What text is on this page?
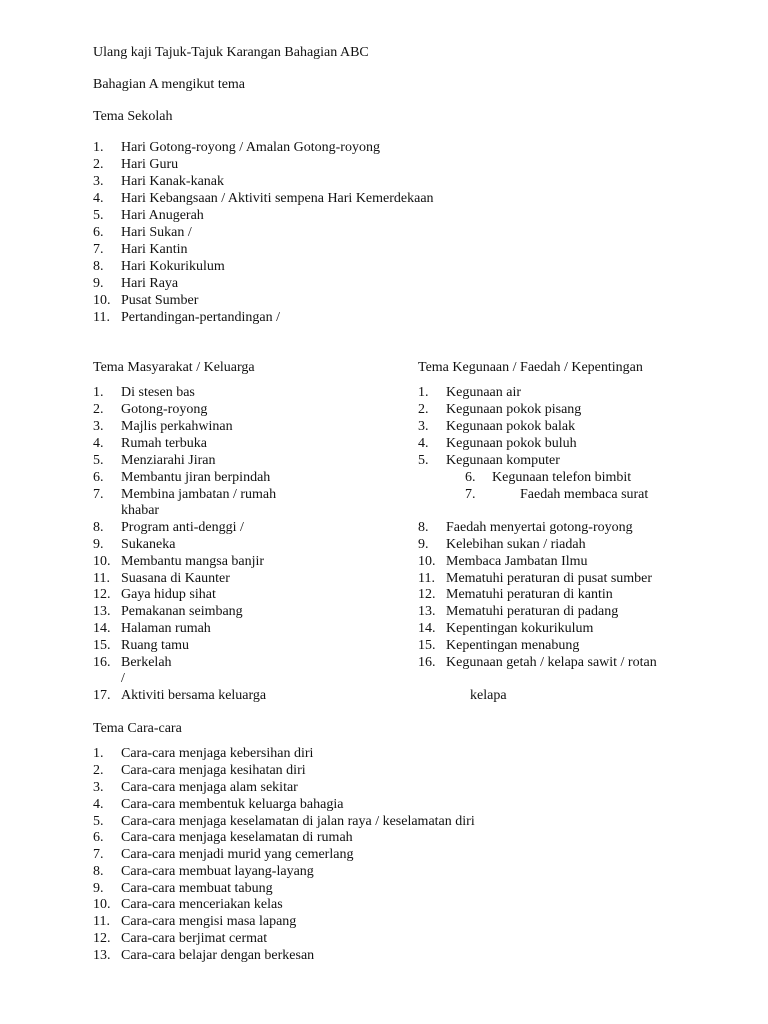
Ulang kaji Tajuk-Tajuk Karangan Bahagian ABC
Bahagian A mengikut tema
Tema Sekolah
Tema Masyarakat / Keluarga	Tema Kegunaan / Faedah / Kepentingan
Tema Cara-cara
1. Hari Gotong-royong / Amalan Gotong-royong
2. Hari Guru
3. Hari Kanak-kanak
4. Hari Kebangsaan / Aktiviti sempena Hari Kemerdekaan
5. Hari Anugerah
6. Hari Sukan /
7. Hari Kantin
8. Hari Kokurikulum
9. Hari Raya
10. Pusat Sumber
11. Pertandingan-pertandingan /
1. Di stesen bas
2. Gotong-royong
3. Majlis perkahwinan
4. Rumah terbuka
5. Menziarahi Jiran
6. Membantu jiran berpindah
7. Membina jambatan / rumah
khabar
8. Program anti-denggi /
9. Sukaneka
10. Membantu mangsa banjir
11. Suasana di Kaunter
12. Gaya hidup sihat
13. Pemakanan seimbang
14. Halaman rumah
15. Ruang tamu
16. Berkelah
/
17. Aktiviti bersama keluarga
1. Kegunaan air
2. Kegunaan pokok pisang
3. Kegunaan pokok balak
4. Kegunaan pokok buluh
5. Kegunaan komputer
6. Kegunaan telefon bimbit
7.	Faedah membaca surat
8. Faedah menyertai gotong-royong
9. Kelebihan sukan / riadah
10. Membaca Jambatan Ilmu
11. Mematuhi peraturan di pusat sumber
12. Mematuhi peraturan di kantin
13. Mematuhi peraturan di padang
14. Kepentingan kokurikulum
15. Kepentingan menabung
16. Kegunaan getah / kelapa sawit / rotan
kelapa
1. Cara-cara menjaga kebersihan diri
2. Cara-cara menjaga kesihatan diri
3. Cara-cara menjaga alam sekitar
4. Cara-cara membentuk keluarga bahagia
5. Cara-cara menjaga keselamatan di jalan raya / keselamatan diri
6. Cara-cara menjaga keselamatan di rumah
7. Cara-cara menjadi murid yang cemerlang
8. Cara-cara membuat layang-layang
9. Cara-cara membuat tabung
10. Cara-cara menceriakan kelas
11. Cara-cara mengisi masa lapang
12. Cara-cara berjimat cermat
13. Cara-cara belajar dengan berkesan
